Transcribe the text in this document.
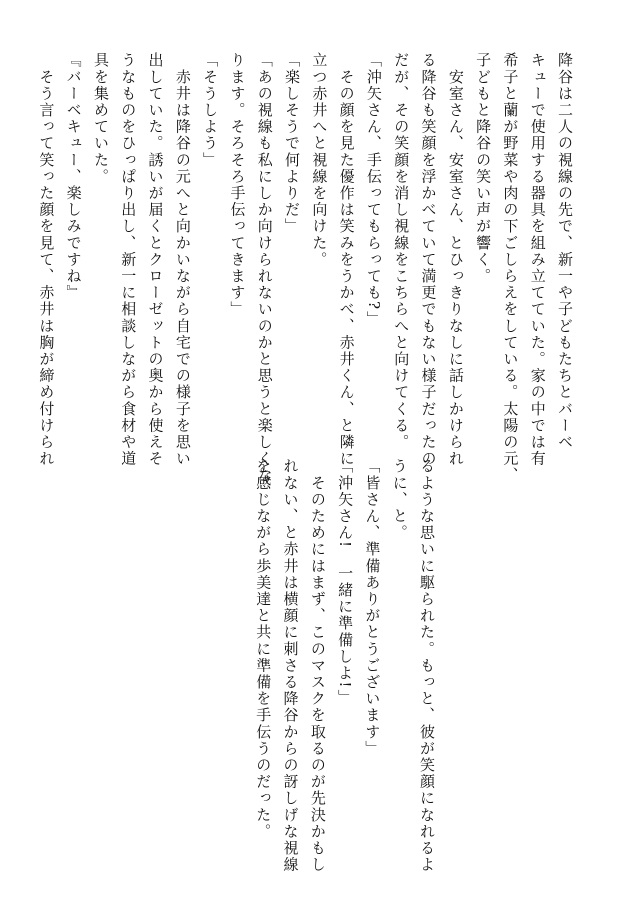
降谷は二人の視線の先で、新一や子どもたちとバーベ
キューで使用する器具を組み立てていた。家の中では有
希子と蘭が野菜や肉の下ごしらえをしている。太陽の元、
子どもと降谷の笑い声が響く。
　安室さん、安室さん、とひっきりなしに話しかけられ
る降谷も笑顔を浮かべていて満更でもない様子だったの
だが、その笑顔を消し視線をこちらへと向けてくる。
「沖矢さん、手伝ってもらっても?」
　その顔を見た優作は笑みをうかべ、赤井くん、と隣に
立つ赤井へと視線を向けた。
「楽しそうで何よりだ」
「あの視線も私にしか向けられないのかと思うと楽しくな
ります。そろそろ手伝ってきます」
「そうしよう」
　赤井は降谷の元へと向かいながら自宅での様子を思い
出していた。誘いが届くとクローゼットの奥から使えそ
うなものをひっぱり出し、新一に相談しながら食材や道
具を集めていた。
『バーベキュー、楽しみですね』
　そう言って笑った顔を見て、赤井は胸が締め付けられ
るような思いに駆られた。もっと、彼が笑顔になれるよ
うに、と。
「皆さん、準備ありがとうございます」
「沖矢さん!　一緒に準備しよ!」
　そのためにはまず、このマスクを取るのが先決かもし
れない、と赤井は横顔に刺さる降谷からの訝しげな視線
を感じながら歩美達と共に準備を手伝うのだった。
